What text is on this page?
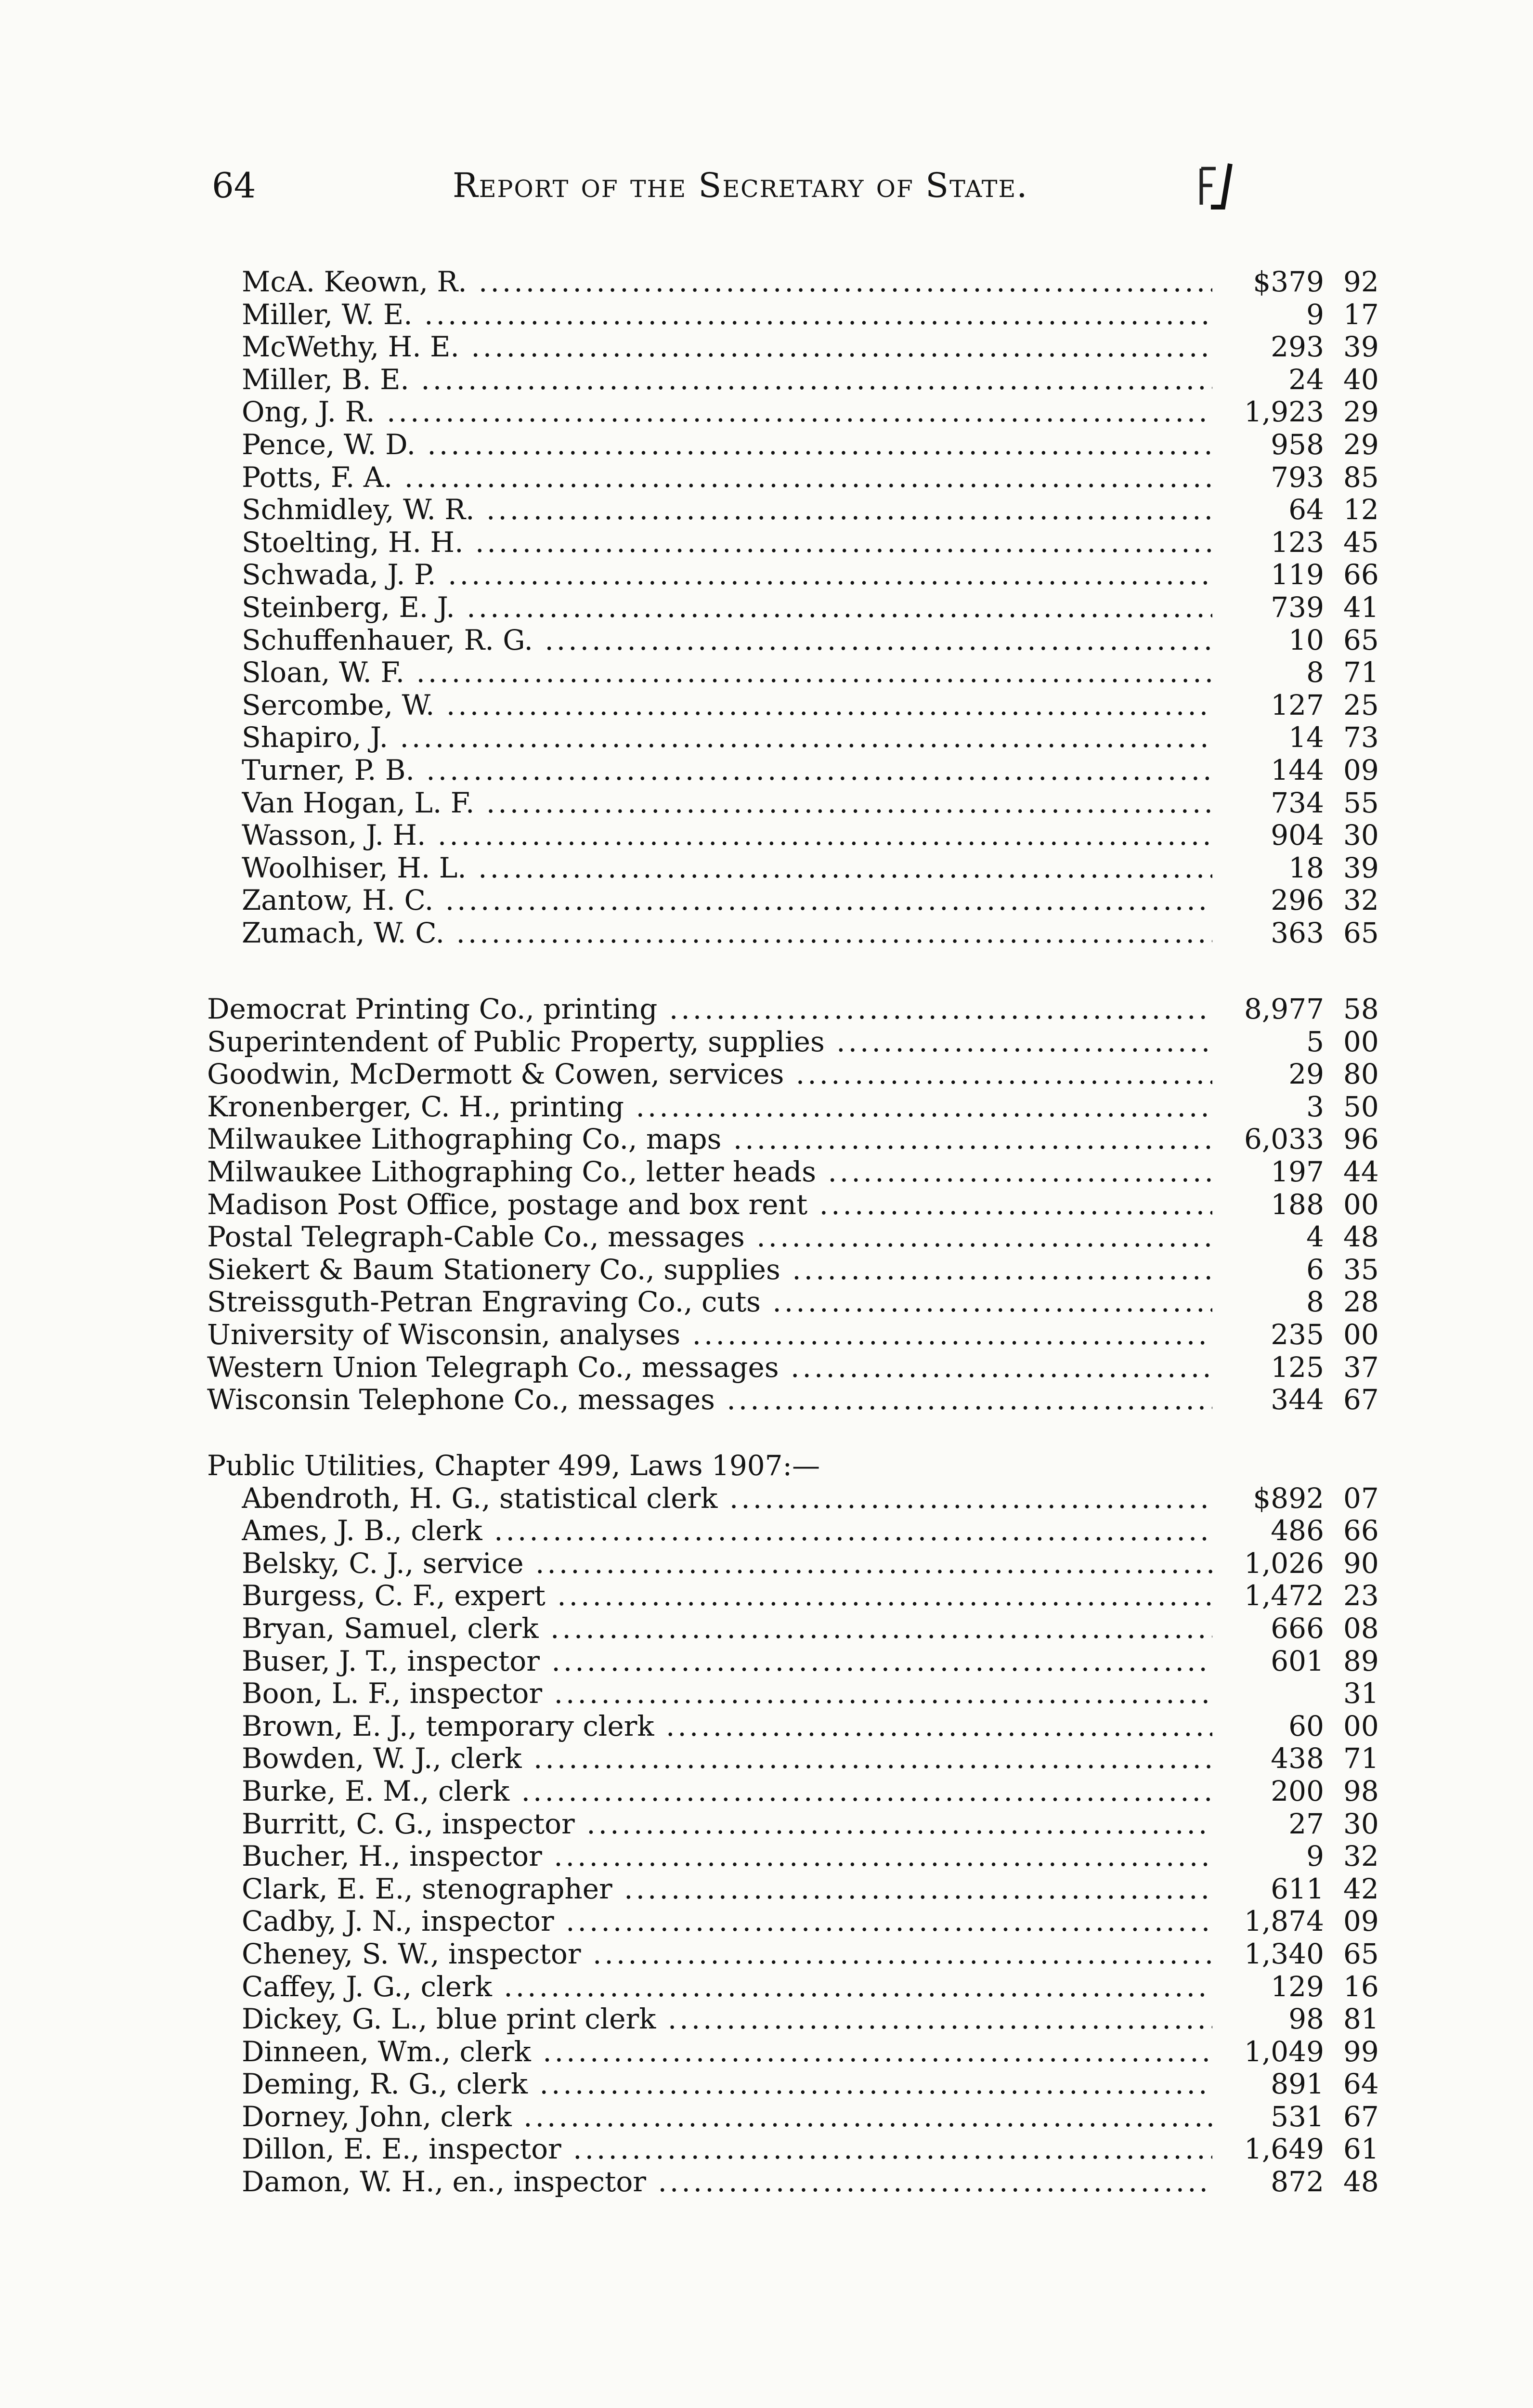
64	Report of the Secretary of State.
McA. Keown, R. .....	$379 92
Miller, W. E. .....	9 17
McWethy, H. E. .....	293 39
Miller, B. E. .....	24 40
Ong, J. R. .....	1,923 29
Pence, W. D. .....	958 29
Potts, F. A. .....	793 85
Schmidley, W. R. .....	64 12
Stoelting, H. H. .....	123 45
Schwada, J. P. .....	119 66
Steinberg, E. J. .....	739 41
Schuffenhauer, R. G. .....	10 65
Sloan, W. F. .....	8 71
Sercombe, W. .....	127 25
Shapiro, J. .....	14 73
Turner, P. B. .....	144 09
Van Hogan, L. F. .....	734 55
Wasson, J. H. .....	904 30
Woolhiser, H. L. .....	18 39
Zantow, H. C. .....	296 32
Zumach, W. C. .....	363 65
Democrat Printing Co., printing .....	8,977 58
Superintendent of Public Property, supplies .....	5 00
Goodwin, McDermott & Cowen, services .....	29 80
Kronenberger, C. H., printing .....	3 50
Milwaukee Lithographing Co., maps .....	6,033 96
Milwaukee Lithographing Co., letter heads .....	197 44
Madison Post Office, postage and box rent .....	188 00
Postal Telegraph-Cable Co., messages .....	4 48
Siekert & Baum Stationery Co., supplies .....	6 35
Streissguth-Petran Engraving Co., cuts .....	8 28
University of Wisconsin, analyses .....	235 00
Western Union Telegraph Co., messages .....	125 37
Wisconsin Telephone Co., messages .....	344 67
Public Utilities, Chapter 499, Laws 1907:—
Abendroth, H. G., statistical clerk .....	$892 07
Ames, J. B., clerk .....	486 66
Belsky, C. J., service .....	1,026 90
Burgess, C. F., expert .....	1,472 23
Bryan, Samuel, clerk .....	666 08
Buser, J. T., inspector .....	601 89
Boon, L. F., inspector .....	31
Brown, E. J., temporary clerk .....	60 00
Bowden, W. J., clerk .....	438 71
Burke, E. M., clerk .....	200 98
Burritt, C. G., inspector .....	27 30
Bucher, H., inspector .....	9 32
Clark, E. E., stenographer .....	611 42
Cadby, J. N., inspector .....	1,874 09
Cheney, S. W., inspector .....	1,340 65
Caffey, J. G., clerk .....	129 16
Dickey, G. L., blue print clerk .....	98 81
Dinneen, Wm., clerk .....	1,049 99
Deming, R. G., clerk .....	891 64
Dorney, John, clerk .....	531 67
Dillon, E. E., inspector .....	1,649 61
Damon, W. H., en., inspector .....	872 48
